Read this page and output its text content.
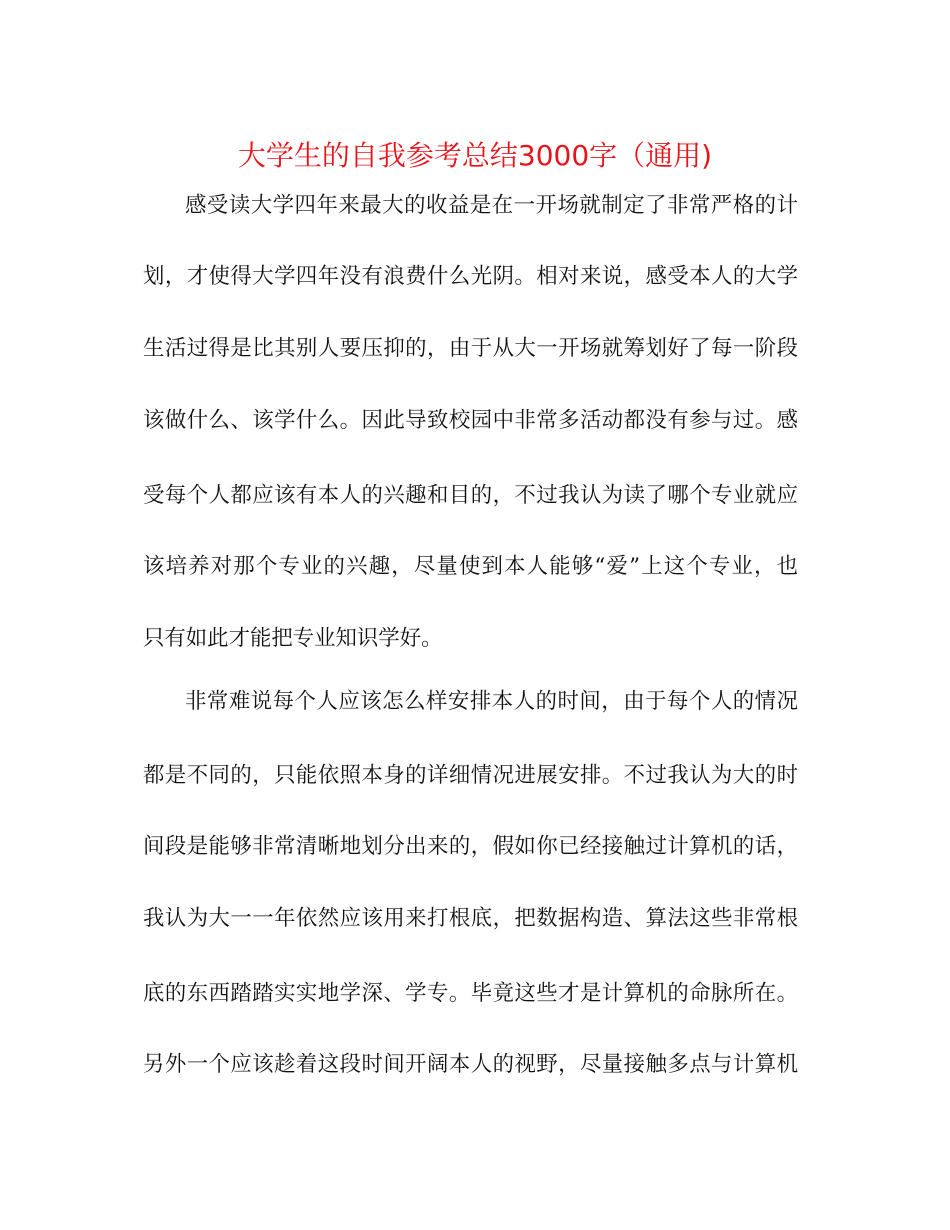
大学生的自我参考总结3000字（通用)
感受读大学四年来最大的收益是在一开场就制定了非常严格的计
划，才使得大学四年没有浪费什么光阴。相对来说，感受本人的大学
生活过得是比其别人要压抑的，由于从大一开场就筹划好了每一阶段
该做什么、该学什么。因此导致校园中非常多活动都没有参与过。感
受每个人都应该有本人的兴趣和目的，不过我认为读了哪个专业就应
该培养对那个专业的兴趣，尽量使到本人能够“爱”上这个专业，也
只有如此才能把专业知识学好。
非常难说每个人应该怎么样安排本人的时间，由于每个人的情况
都是不同的，只能依照本身的详细情况进展安排。不过我认为大的时
间段是能够非常清晰地划分出来的，假如你已经接触过计算机的话，
我认为大一一年依然应该用来打根底，把数据构造、算法这些非常根
底的东西踏踏实实地学深、学专。毕竟这些才是计算机的命脉所在。
另外一个应该趁着这段时间开阔本人的视野，尽量接触多点与计算机
